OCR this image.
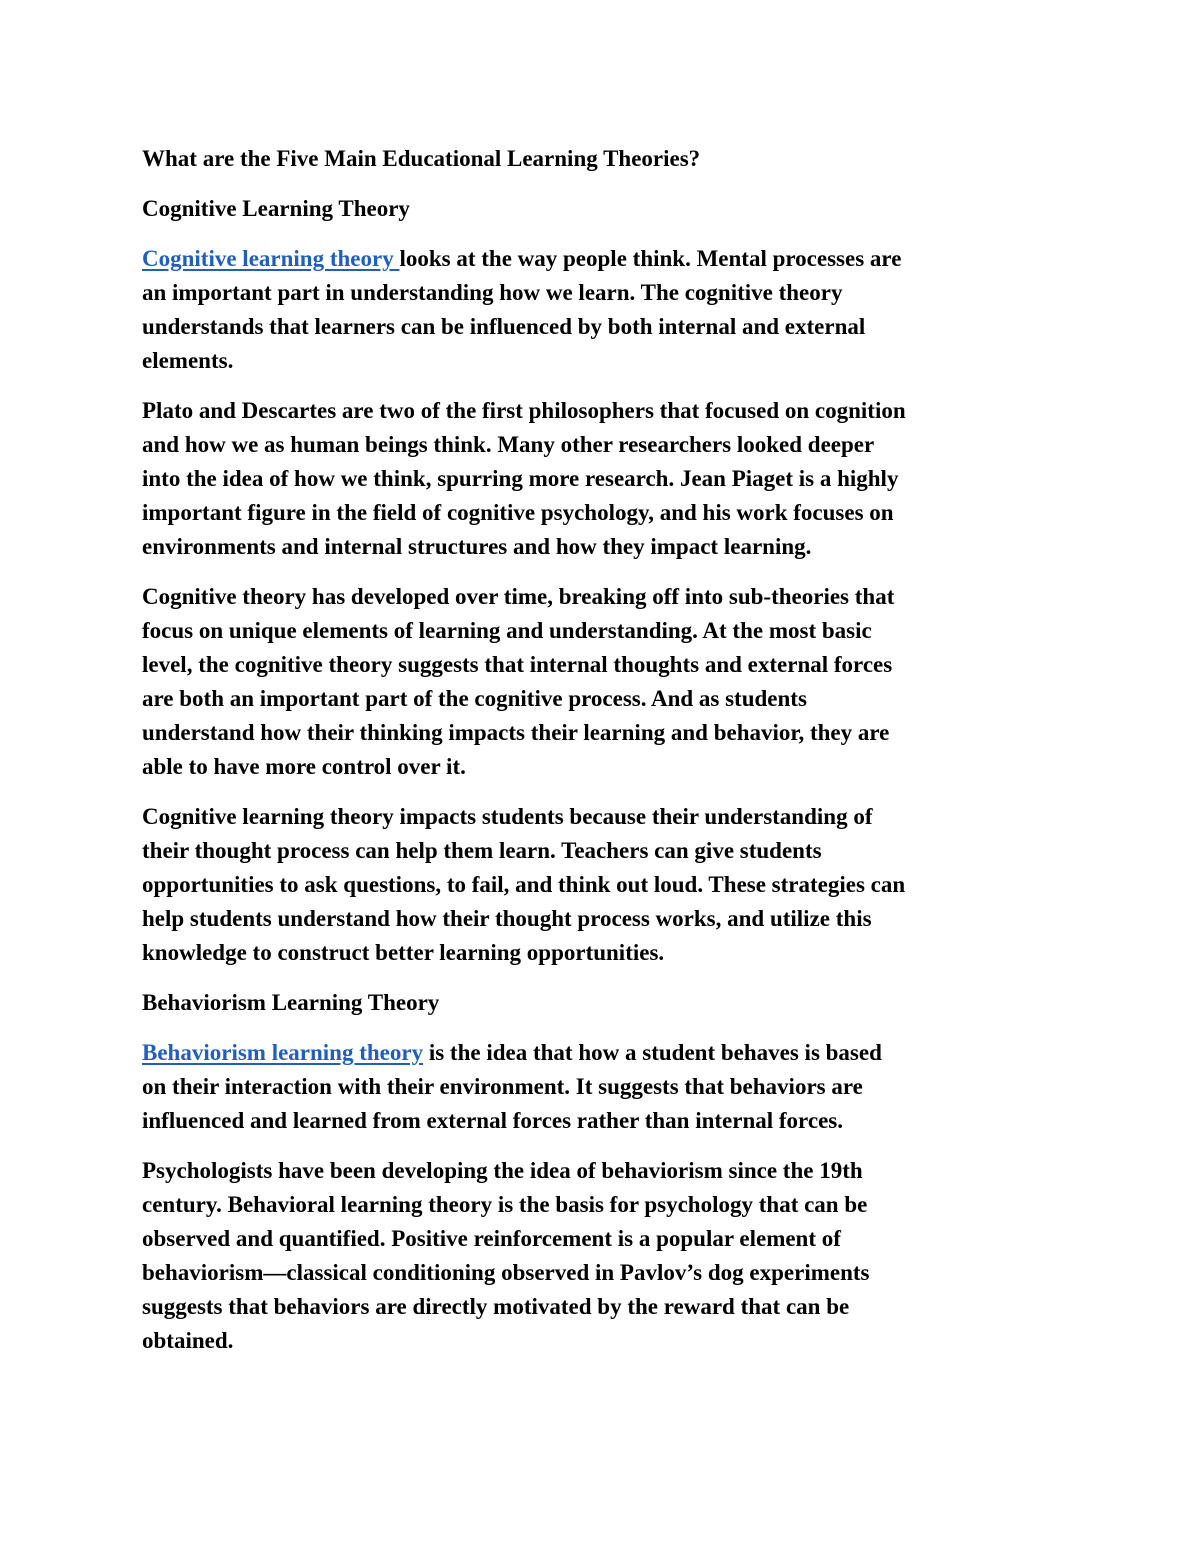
What are the Five Main Educational Learning Theories?
Cognitive Learning Theory
Cognitive learning theory looks at the way people think. Mental processes are
an important part in understanding how we learn. The cognitive theory
understands that learners can be influenced by both internal and external
elements.
Plato and Descartes are two of the first philosophers that focused on cognition
and how we as human beings think. Many other researchers looked deeper
into the idea of how we think, spurring more research. Jean Piaget is a highly
important figure in the field of cognitive psychology, and his work focuses on
environments and internal structures and how they impact learning.
Cognitive theory has developed over time, breaking off into sub-theories that
focus on unique elements of learning and understanding. At the most basic
level, the cognitive theory suggests that internal thoughts and external forces
are both an important part of the cognitive process. And as students
understand how their thinking impacts their learning and behavior, they are
able to have more control over it.
Cognitive learning theory impacts students because their understanding of
their thought process can help them learn. Teachers can give students
opportunities to ask questions, to fail, and think out loud. These strategies can
help students understand how their thought process works, and utilize this
knowledge to construct better learning opportunities.
Behaviorism Learning Theory
Behaviorism learning theory is the idea that how a student behaves is based
on their interaction with their environment. It suggests that behaviors are
influenced and learned from external forces rather than internal forces.
Psychologists have been developing the idea of behaviorism since the 19th
century. Behavioral learning theory is the basis for psychology that can be
observed and quantified. Positive reinforcement is a popular element of
behaviorism—classical conditioning observed in Pavlov’s dog experiments
suggests that behaviors are directly motivated by the reward that can be
obtained.
